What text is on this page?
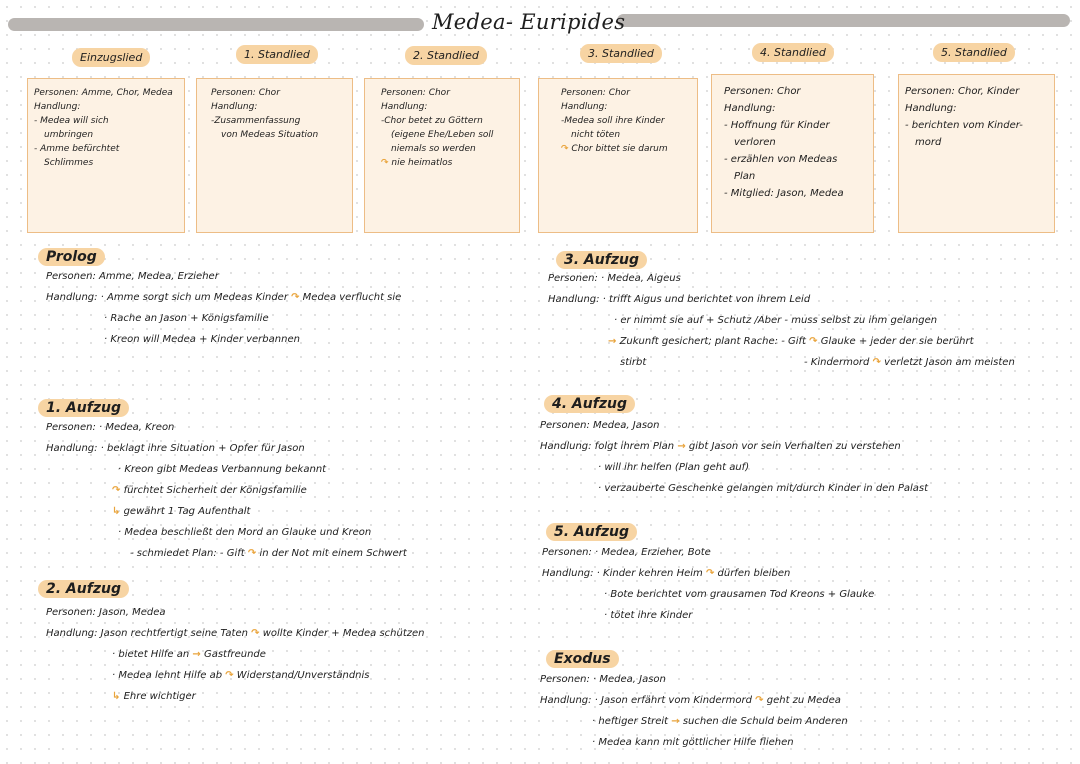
Medea- Euripides
Einzugslied	1. Standlied	2. Standlied	3. Standlied	4. Standlied	5. Standlied
Personen: Amme, Chor, Medea
Handlung:
- Medea will sich
umbringen
- Amme befürchtet
Schlimmes
Personen: Chor
Handlung:
-Zusammenfassung
von Medeas Situation
Personen: Chor
Handlung:
-Chor betet zu Göttern
(eigene Ehe/Leben soll
niemals so werden
↷ nie heimatlos
Personen: Chor
Handlung:
-Medea soll ihre Kinder
nicht töten
↷ Chor bittet sie darum
Personen: Chor
Handlung:
- Hoffnung für Kinder
verloren
- erzählen von Medeas
Plan
- Mitglied: Jason, Medea
Personen: Chor, Kinder
Handlung:
- berichten vom Kinder-
mord
Prolog
Personen: Amme, Medea, Erzieher
Handlung: · Amme sorgt sich um Medeas Kinder ↷ Medea verflucht sie
· Rache an Jason + Königsfamilie
· Kreon will Medea + Kinder verbannen
1. Aufzug
Personen: · Medea, Kreon
Handlung: · beklagt ihre Situation + Opfer für Jason
· Kreon gibt Medeas Verbannung bekannt
↷ fürchtet Sicherheit der Königsfamilie
↳ gewährt 1 Tag Aufenthalt
· Medea beschließt den Mord an Glauke und Kreon
- schmiedet Plan: - Gift ↷ in der Not mit einem Schwert
2. Aufzug
Personen: Jason, Medea
Handlung: Jason rechtfertigt seine Taten ↷ wollte Kinder + Medea schützen
· bietet Hilfe an → Gastfreunde
· Medea lehnt Hilfe ab ↷ Widerstand/Unverständnis
↳ Ehre wichtiger
3. Aufzug
Personen: · Medea, Aigeus
Handlung: · trifft Aigus und berichtet von ihrem Leid
· er nimmt sie auf + Schutz /Aber - muss selbst zu ihm gelangen
→ Zukunft gesichert; plant Rache: - Gift ↷ Glauke + jeder der sie berührt
stirbt	- Kindermord ↷ verletzt Jason am meisten
4. Aufzug
Personen: Medea, Jason
Handlung: folgt ihrem Plan → gibt Jason vor sein Verhalten zu verstehen
· will ihr helfen (Plan geht auf)
· verzauberte Geschenke gelangen mit/durch Kinder in den Palast
5. Aufzug
Personen: · Medea, Erzieher, Bote
Handlung: · Kinder kehren Heim ↷ dürfen bleiben
· Bote berichtet vom grausamen Tod Kreons + Glauke
· tötet ihre Kinder
Exodus
Personen: · Medea, Jason
Handlung: · Jason erfährt vom Kindermord ↷ geht zu Medea
· heftiger Streit → suchen die Schuld beim Anderen
· Medea kann mit göttlicher Hilfe fliehen
